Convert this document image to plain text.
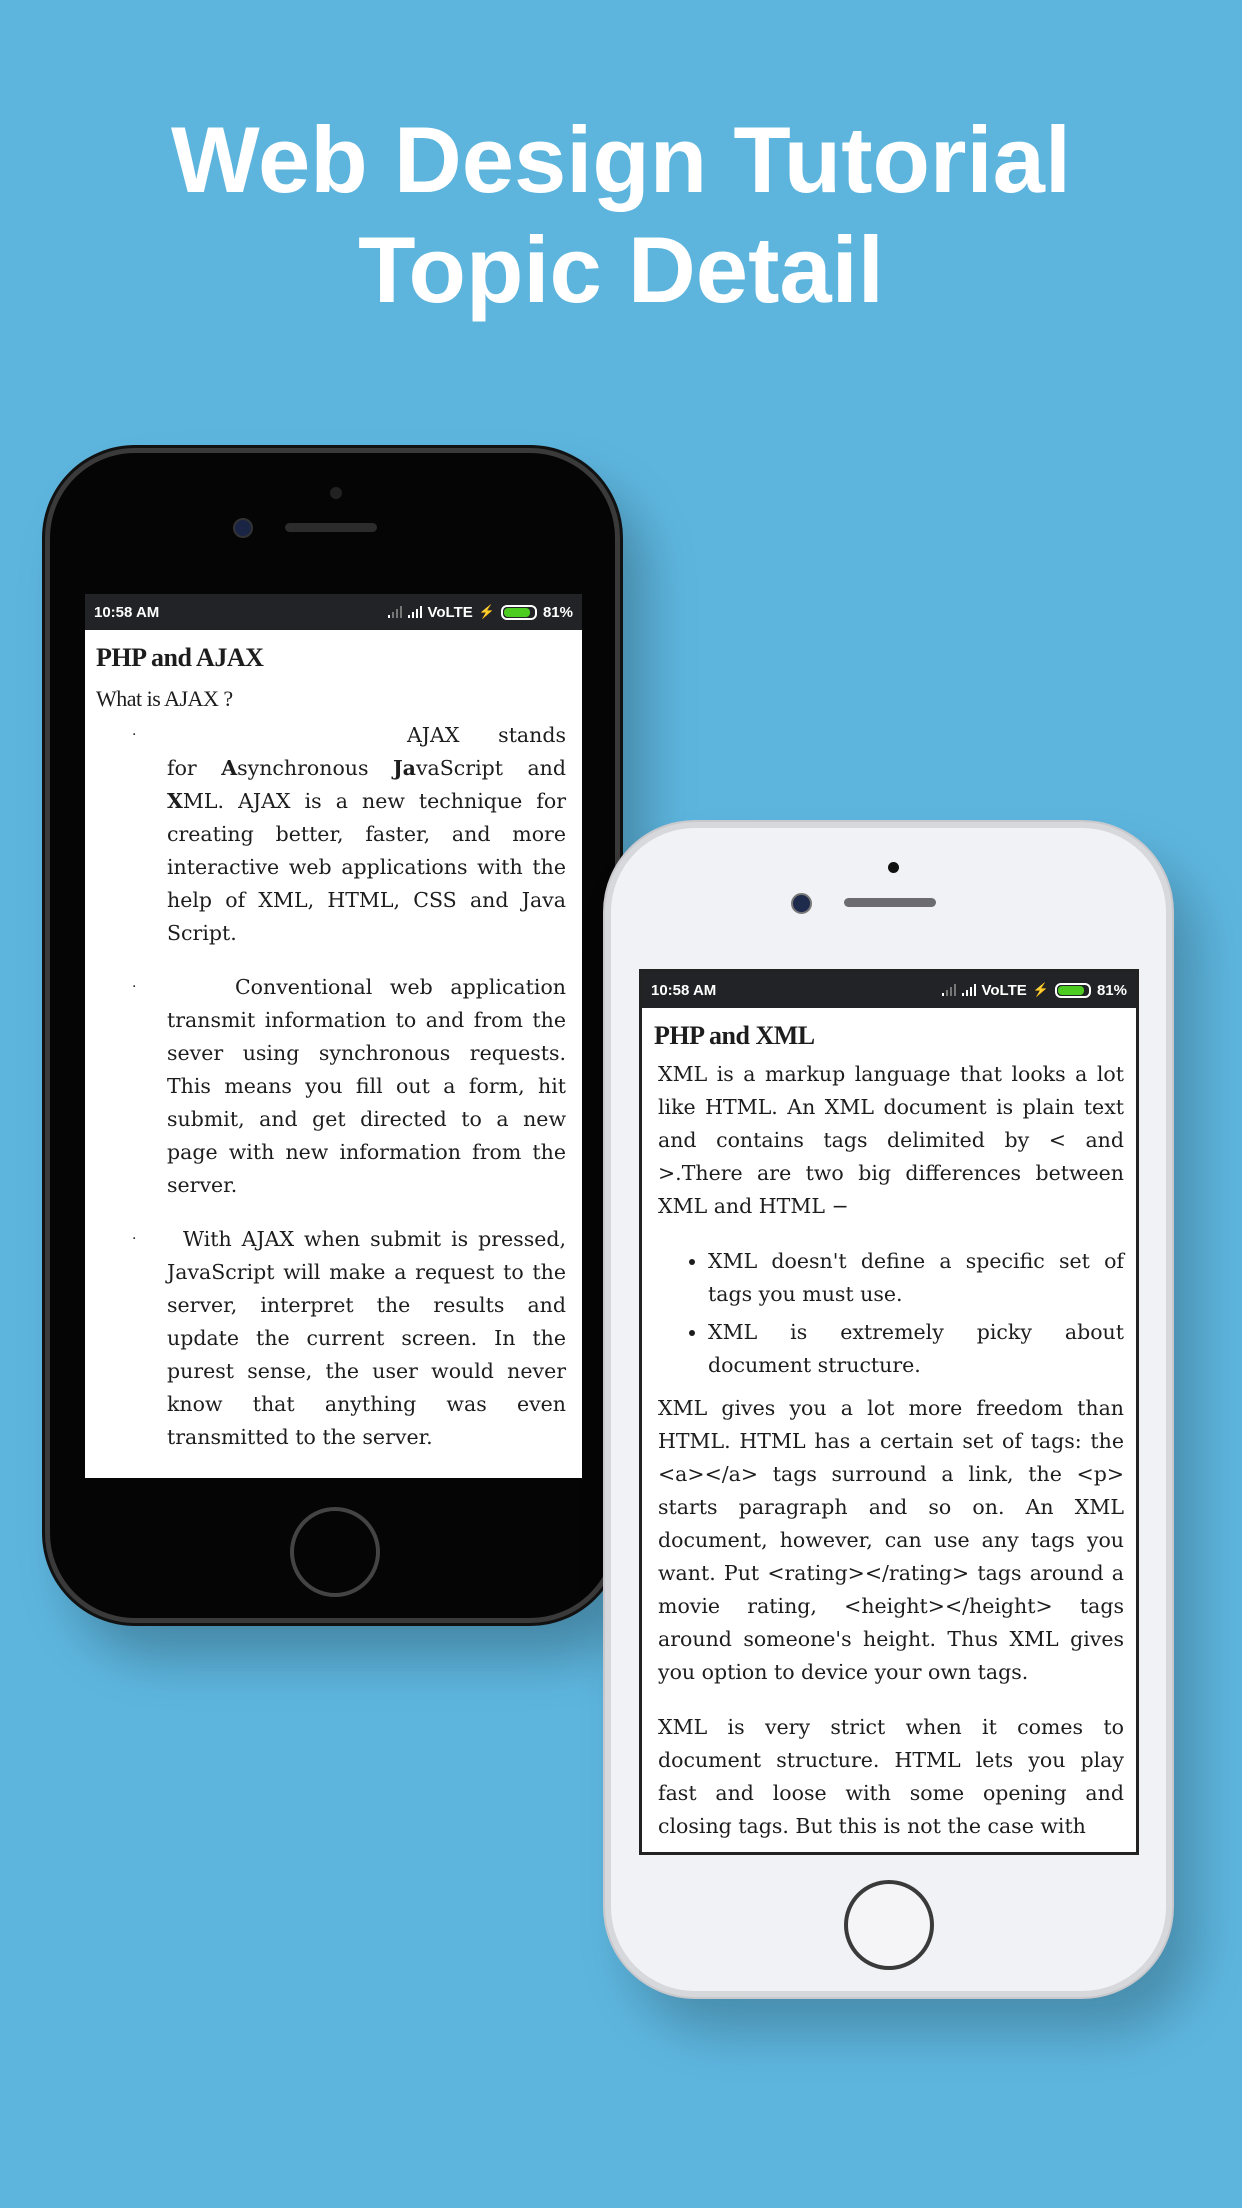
Web Design Tutorial
Topic Detail
10:58 AM	VoLTE ⚡	81%
PHP and AJAX
What is AJAX ?
·	AJAX stands for Asynchronous JavaScript and XML. AJAX is a new technique for creating better, faster, and more interactive web applications with the help of XML, HTML, CSS and Java Script.

·	Conventional web application transmit information to and from the sever using synchronous requests. This means you fill out a form, hit submit, and get directed to a new page with new information from the server.

·	With AJAX when submit is pressed, JavaScript will make a request to the server, interpret the results and update the current screen. In the purest sense, the user would never know that anything was even transmitted to the server.

10:58 AM	VoLTE ⚡	81%
PHP and XML

XML is a markup language that looks a lot like HTML. An XML document is plain text and contains tags delimited by < and >.There are two big differences between XML and HTML −

• XML doesn't define a specific set of tags you must use.
• XML is extremely picky about document structure.

XML gives you a lot more freedom than HTML. HTML has a certain set of tags: the <a></a> tags surround a link, the <p> starts paragraph and so on. An XML document, however, can use any tags you want. Put <rating></rating> tags around a movie rating, <height></height> tags around someone's height. Thus XML gives you option to device your own tags.

XML is very strict when it comes to document structure. HTML lets you play fast and loose with some opening and closing tags. But this is not the case with
